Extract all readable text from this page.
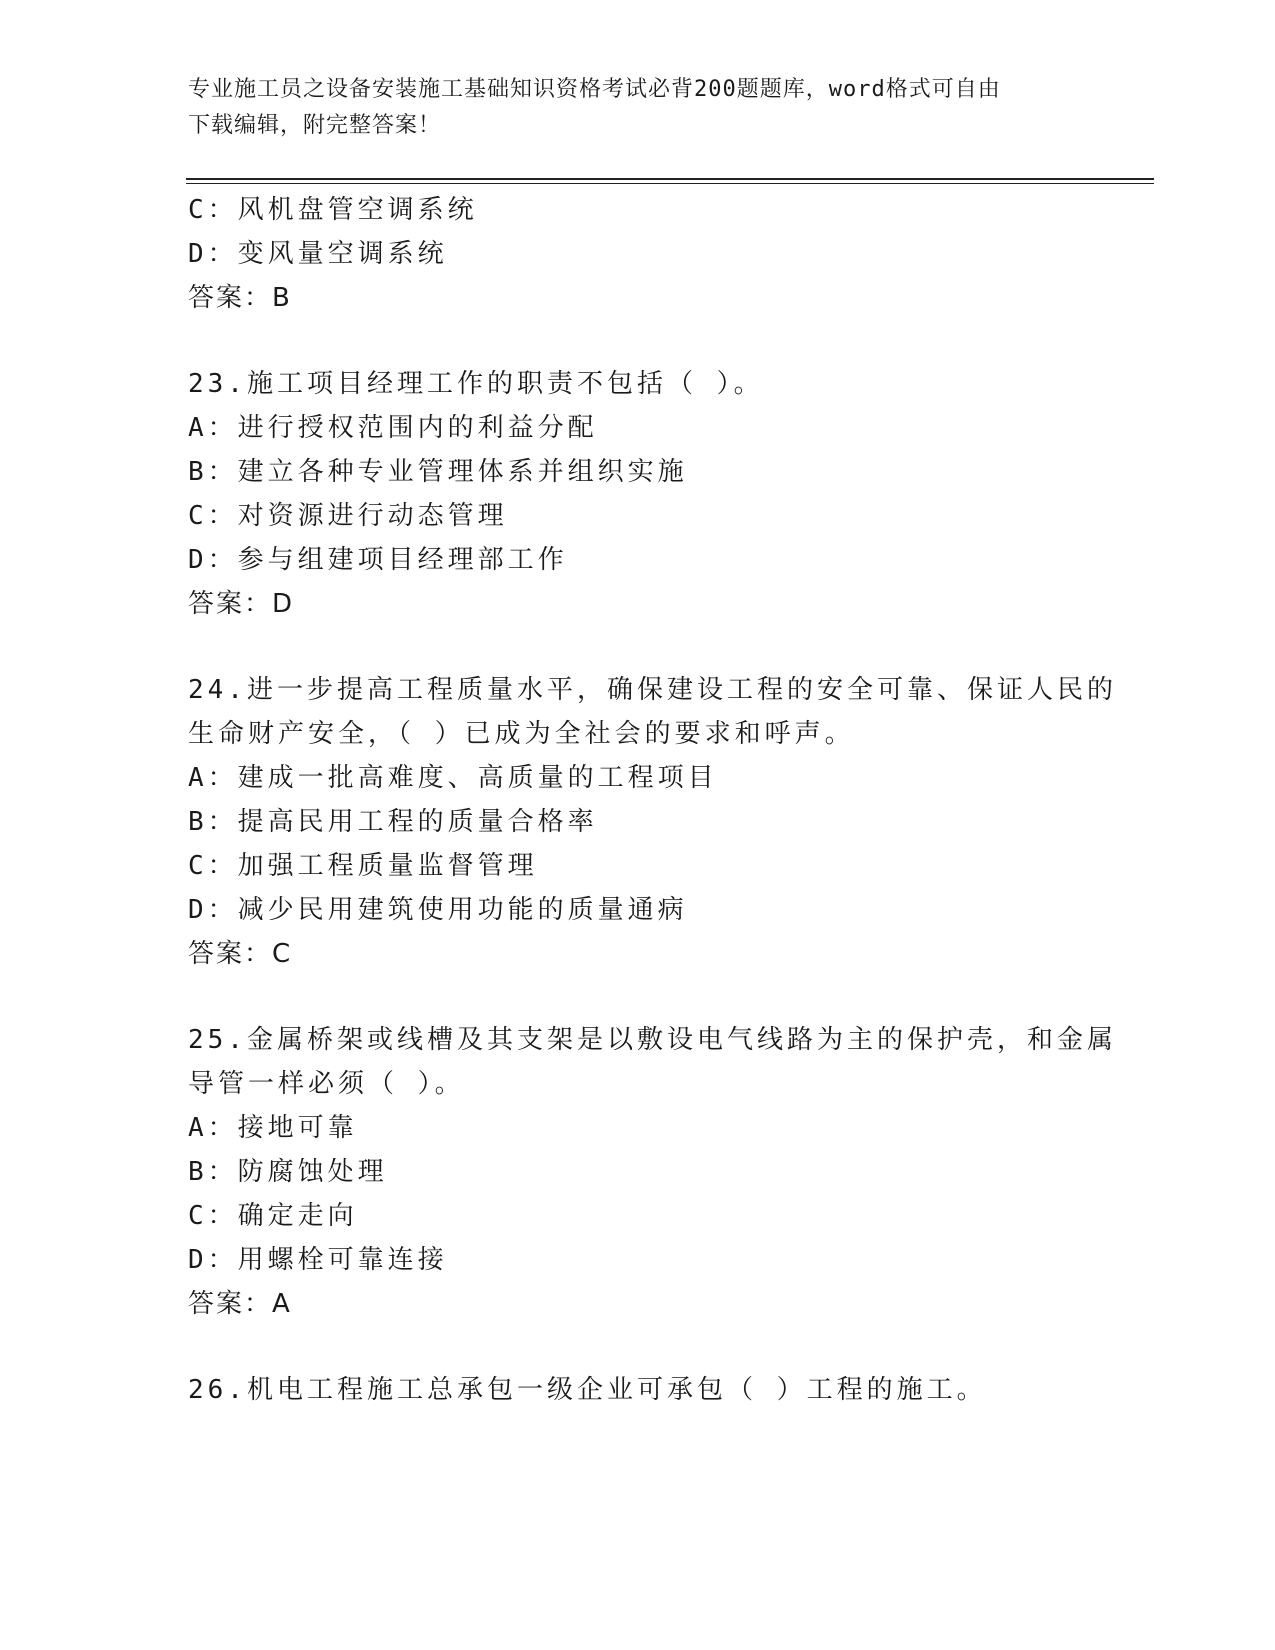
专业施工员之设备安装施工基础知识资格考试必背200题题库，word格式可自由
下载编辑，附完整答案！
C：风机盘管空调系统
D：变风量空调系统
答案：B
23.施工项目经理工作的职责不包括（ ）。
A：进行授权范围内的利益分配
B：建立各种专业管理体系并组织实施
C：对资源进行动态管理
D：参与组建项目经理部工作
答案：D
24.进一步提高工程质量水平，确保建设工程的安全可靠、保证人民的
生命财产安全，（ ）已成为全社会的要求和呼声。
A：建成一批高难度、高质量的工程项目
B：提高民用工程的质量合格率
C：加强工程质量监督管理
D：减少民用建筑使用功能的质量通病
答案：C
25.金属桥架或线槽及其支架是以敷设电气线路为主的保护壳，和金属
导管一样必须（ ）。
A：接地可靠
B：防腐蚀处理
C：确定走向
D：用螺栓可靠连接
答案：A
26.机电工程施工总承包一级企业可承包（ ）工程的施工。
